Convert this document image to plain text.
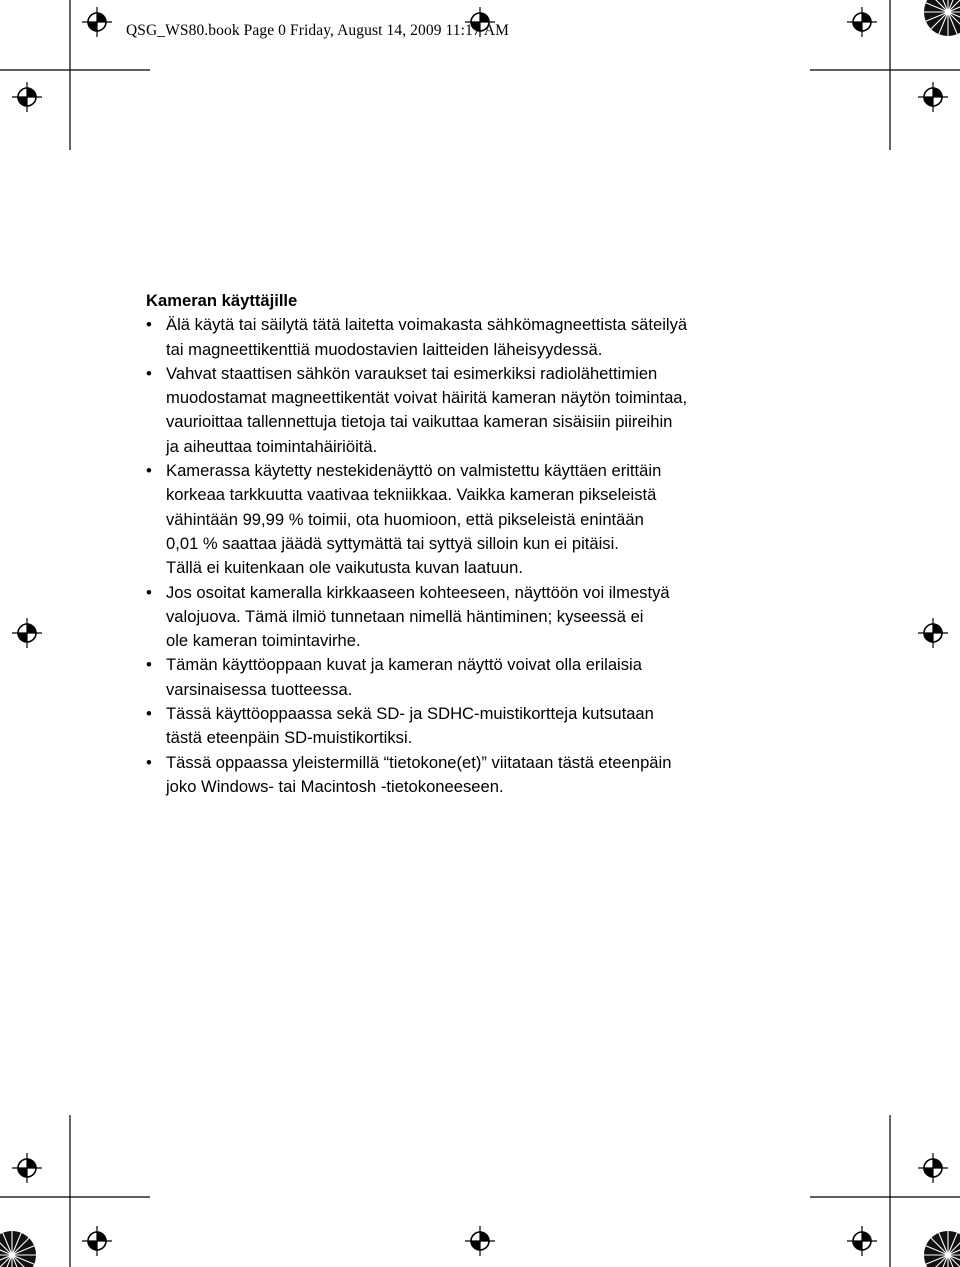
QSG_WS80.book Page 0 Friday, August 14, 2009 11:17 AM
Kameran käyttäjille
• Älä käytä tai säilytä tätä laitetta voimakasta sähkömagneettista säteilyä
tai magneettikenttiä muodostavien laitteiden läheisyydessä.
• Vahvat staattisen sähkön varaukset tai esimerkiksi radiolähettimien
muodostamat magneettikentät voivat häiritä kameran näytön toimintaa,
vaurioittaa tallennettuja tietoja tai vaikuttaa kameran sisäisiin piireihin
ja aiheuttaa toimintahäiriöitä.
• Kamerassa käytetty nestekidenäyttö on valmistettu käyttäen erittäin
korkeaa tarkkuutta vaativaa tekniikkaa. Vaikka kameran pikseleistä
vähintään 99,99 % toimii, ota huomioon, että pikseleistä enintään
0,01 % saattaa jäädä syttymättä tai syttyä silloin kun ei pitäisi.
Tällä ei kuitenkaan ole vaikutusta kuvan laatuun.
• Jos osoitat kameralla kirkkaaseen kohteeseen, näyttöön voi ilmestyä
valojuova. Tämä ilmiö tunnetaan nimellä häntiminen; kyseessä ei
ole kameran toimintavirhe.
• Tämän käyttöoppaan kuvat ja kameran näyttö voivat olla erilaisia
varsinaisessa tuotteessa.
• Tässä käyttöoppaassa sekä SD- ja SDHC-muistikortteja kutsutaan
tästä eteenpäin SD-muistikortiksi.
• Tässä oppaassa yleistermillä “tietokone(et)” viitataan tästä eteenpäin
joko Windows- tai Macintosh -tietokoneeseen.
